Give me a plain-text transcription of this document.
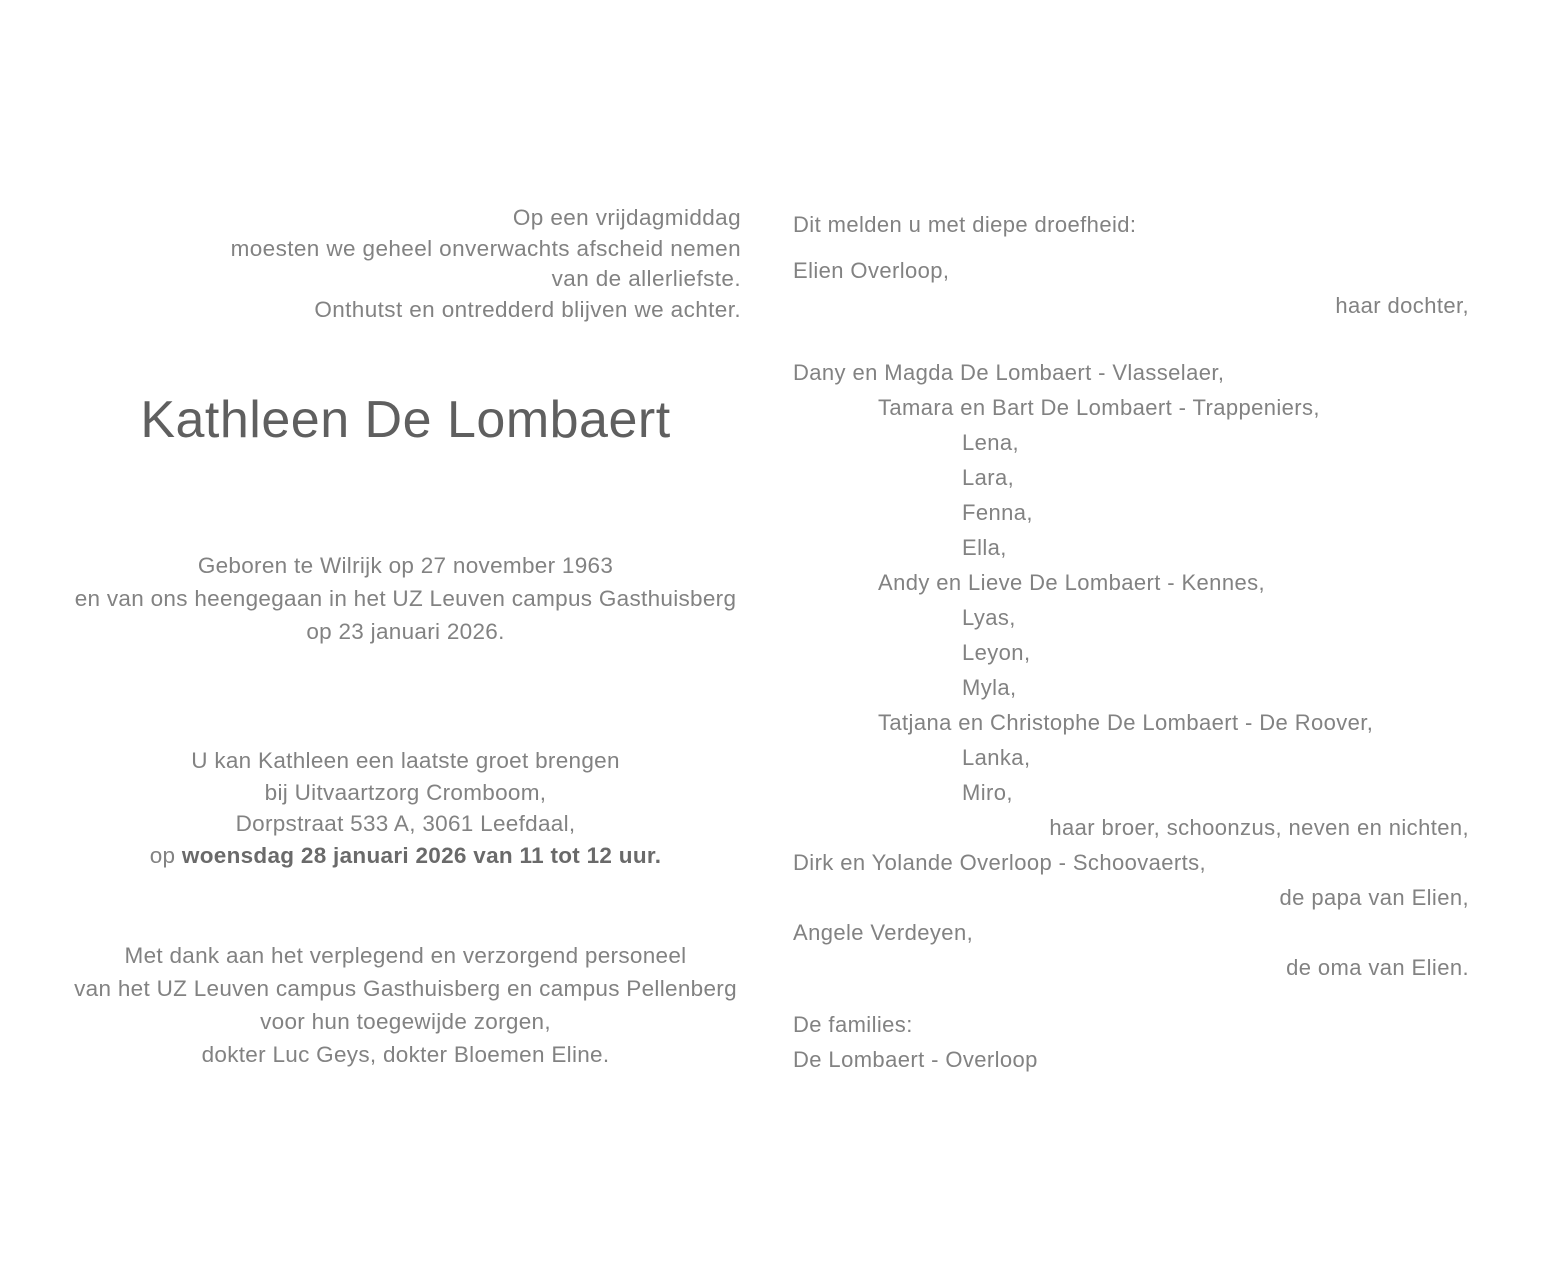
Op een vrijdagmiddag
moesten we geheel onverwachts afscheid nemen
van de allerliefste.
Onthutst en ontredderd blijven we achter.
Kathleen De Lombaert
Geboren te Wilrijk op 27 november 1963
en van ons heengegaan in het UZ Leuven campus Gasthuisberg
op 23 januari 2026.
U kan Kathleen een laatste groet brengen
bij Uitvaartzorg Cromboom,
Dorpstraat 533 A, 3061 Leefdaal,
op woensdag 28 januari 2026 van 11 tot 12 uur.
Met dank aan het verplegend en verzorgend personeel
van het UZ Leuven campus Gasthuisberg en campus Pellenberg
voor hun toegewijde zorgen,
dokter Luc Geys, dokter Bloemen Eline.
Dit melden u met diepe droefheid:
Elien Overloop,
haar dochter,
Dany en Magda De Lombaert - Vlasselaer,
Tamara en Bart De Lombaert - Trappeniers,
Lena,
Lara,
Fenna,
Ella,
Andy en Lieve De Lombaert - Kennes,
Lyas,
Leyon,
Myla,
Tatjana en Christophe De Lombaert - De Roover,
Lanka,
Miro,
haar broer, schoonzus, neven en nichten,
Dirk en Yolande Overloop - Schoovaerts,
de papa van Elien,
Angele Verdeyen,
de oma van Elien.
De families:
De Lombaert - Overloop
